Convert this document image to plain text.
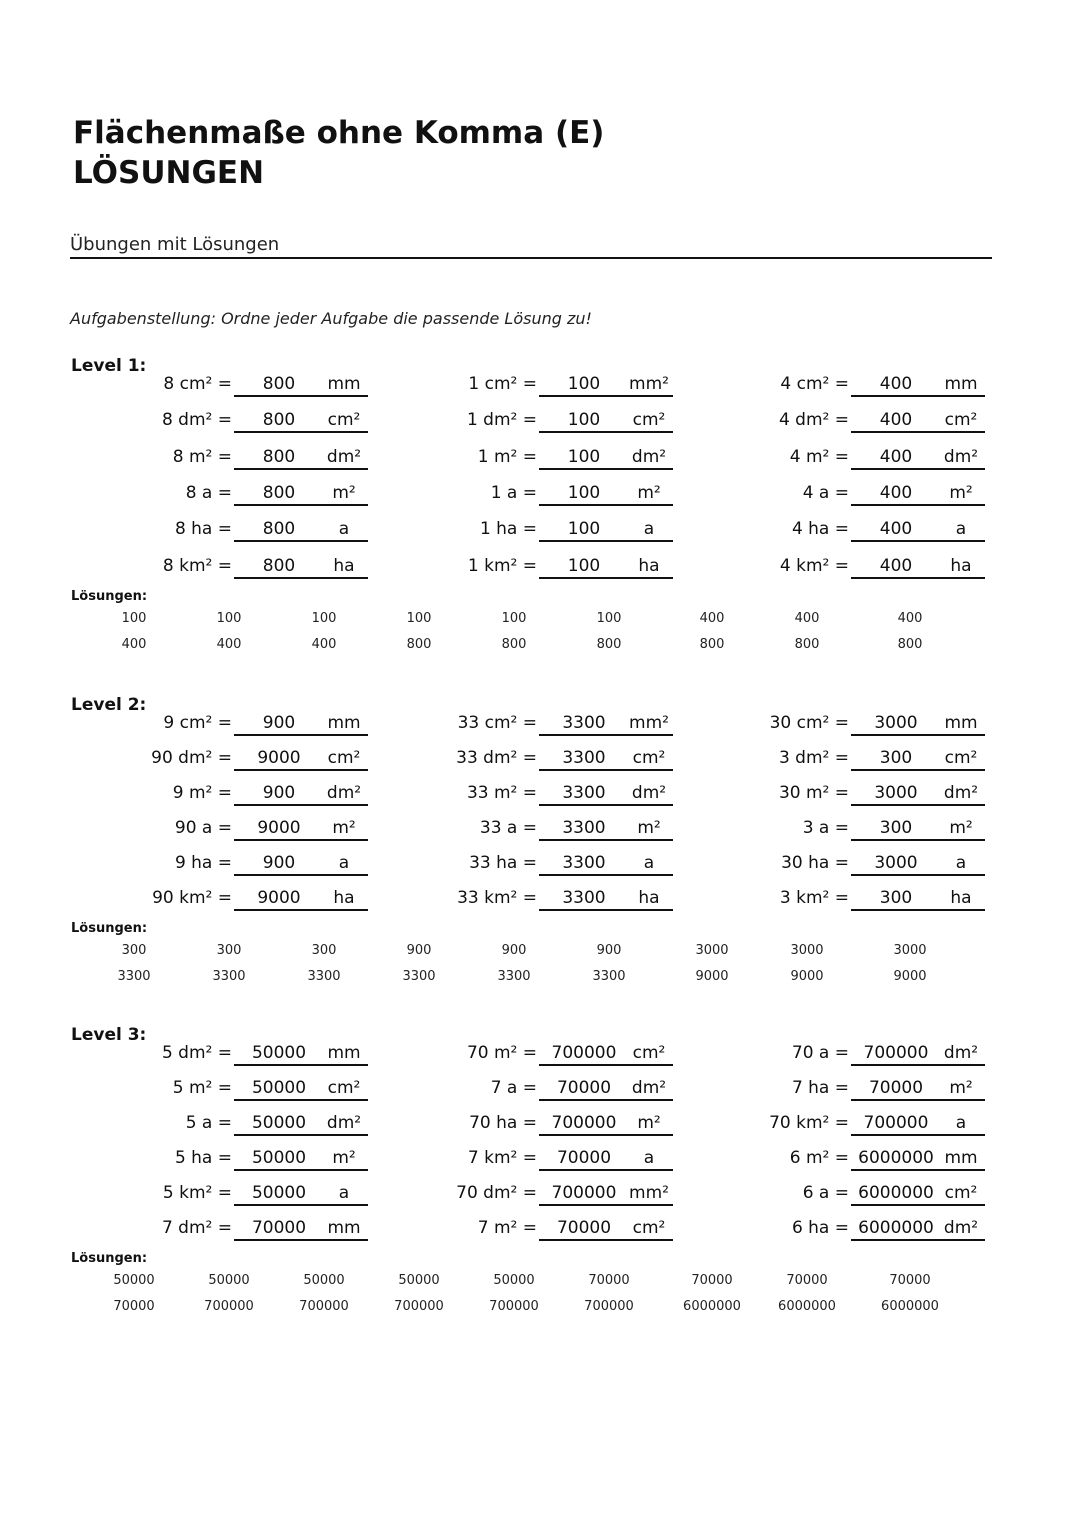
Flächenmaße ohne Komma (E)
LÖSUNGEN
Übungen mit Lösungen
Aufgabenstellung: Ordne jeder Aufgabe die passende Lösung zu!
Level 1:
8 cm² =	800	mm
8 dm² =	800	cm²
8 m² =	800	dm²
8 a =	800	m²
8 ha =	800	a
8 km² =	800	ha
1 cm² =	100	mm²
1 dm² =	100	cm²
1 m² =	100	dm²
1 a =	100	m²
1 ha =	100	a
1 km² =	100	ha
4 cm² =	400	mm
4 dm² =	400	cm²
4 m² =	400	dm²
4 a =	400	m²
4 ha =	400	a
4 km² =	400	ha
Lösungen:
100	100	100	100	100	100	400	400	400
400	400	400	800	800	800	800	800	800
Level 2:
9 cm² =	900	mm
90 dm² =	9000	cm²
9 m² =	900	dm²
90 a =	9000	m²
9 ha =	900	a
90 km² =	9000	ha
33 cm² =	3300	mm²
33 dm² =	3300	cm²
33 m² =	3300	dm²
33 a =	3300	m²
33 ha =	3300	a
33 km² =	3300	ha
30 cm² =	3000	mm
3 dm² =	300	cm²
30 m² =	3000	dm²
3 a =	300	m²
30 ha =	3000	a
3 km² =	300	ha
Lösungen:
300	300	300	900	900	900	3000	3000	3000
3300	3300	3300	3300	3300	3300	9000	9000	9000
Level 3:
5 dm² =	50000	mm
5 m² =	50000	cm²
5 a =	50000	dm²
5 ha =	50000	m²
5 km² =	50000	a
7 dm² =	70000	mm
70 m² = 700000 cm²
7 a =	70000	dm²
70 ha = 700000	m²
7 km² =	70000	a
70 dm² = 700000 mm²
7 m² =	70000	cm²
70 a = 700000 dm²
7 ha =	70000	m²
70 km² = 700000	a
6 m² = 6000000 mm
6 a = 6000000 cm²
6 ha = 6000000 dm²
Lösungen:
50000	50000	50000	50000	50000	70000	70000	70000	70000
70000	700000	700000	700000	700000	700000	6000000	6000000	6000000
